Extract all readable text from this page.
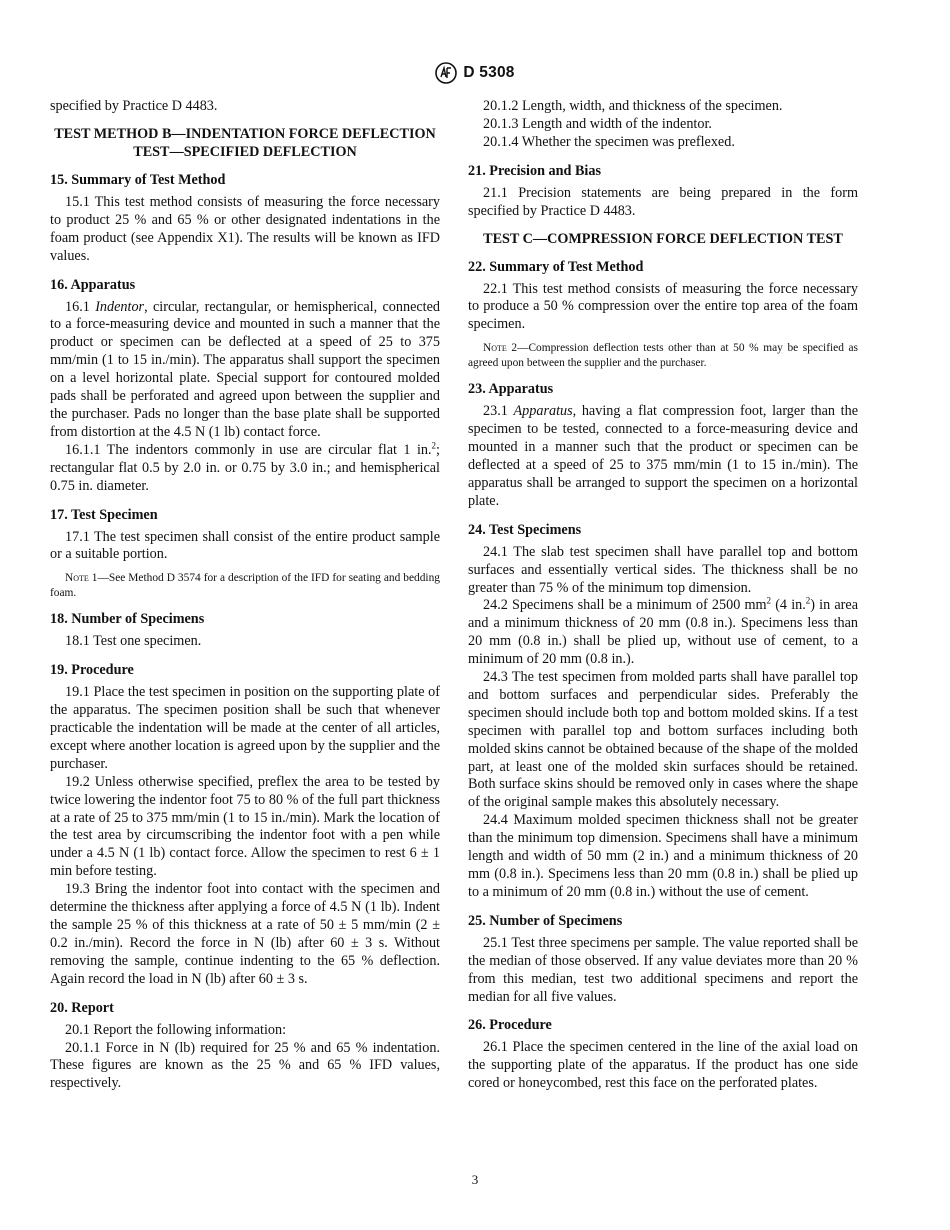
D 5308

specified by Practice D 4483.

TEST METHOD B—INDENTATION FORCE DEFLECTION TEST—SPECIFIED DEFLECTION
15. Summary of Test Method

15.1 This test method consists of measuring the force necessary to product 25 % and 65 % or other designated indentations in the foam product (see Appendix X1). The results will be known as IFD values.

16. Apparatus

16.1 Indentor, circular, rectangular, or hemispherical, connected to a force-measuring device and mounted in such a manner that the product or specimen can be deflected at a speed of 25 to 375 mm/min (1 to 15 in./min). The apparatus shall support the specimen on a level horizontal plate. Special support for contoured molded pads shall be perforated and agreed upon between the supplier and the purchaser. Pads no longer than the base plate shall be supported from distortion at the 4.5 N (1 lb) contact force.

16.1.1 The indentors commonly in use are circular flat 1 in.$^2$; rectangular flat 0.5 by 2.0 in. or 0.75 by 3.0 in.; and hemispherical 0.75 in. diameter.

17. Test Specimen

17.1 The test specimen shall consist of the entire product sample or a suitable portion.

Note 1—See Method D 3574 for a description of the IFD for seating and bedding foam.
18. Number of Specimens

18.1 Test one specimen.

19. Procedure

19.1 Place the test specimen in position on the supporting plate of the apparatus. The specimen position shall be such that whenever practicable the indentation will be made at the center of all articles, except where another location is agreed upon by the supplier and the purchaser.

19.2 Unless otherwise specified, preflex the area to be tested by twice lowering the indentor foot 75 to 80 % of the full part thickness at a rate of 25 to 375 mm/min (1 to 15 in./min). Mark the location of the test area by circumscribing the indentor foot with a pen while under a 4.5 N (1 lb) contact force. Allow the specimen to rest 6 ± 1 min before testing.

19.3 Bring the indentor foot into contact with the specimen and determine the thickness after applying a force of 4.5 N (1 lb). Indent the sample 25 % of this thickness at a rate of 50 ± 5 mm/min (2 ± 0.2 in./min). Record the force in N (lb) after 60 ± 3 s. Without removing the sample, continue indenting to the 65 % deflection. Again record the load in N (lb) after 60 ± 3 s.

20. Report

20.1 Report the following information:

20.1.1 Force in N (lb) required for 25 % and 65 % indentation. These figures are known as the 25 % and 65 % IFD values, respectively.

20.1.2 Length, width, and thickness of the specimen.

20.1.3 Length and width of the indentor.

20.1.4 Whether the specimen was preflexed.

21. Precision and Bias

21.1 Precision statements are being prepared in the form specified by Practice D 4483.

TEST C—COMPRESSION FORCE DEFLECTION TEST
22. Summary of Test Method

22.1 This test method consists of measuring the force necessary to produce a 50 % compression over the entire top area of the foam specimen.

Note 2—Compression deflection tests other than at 50 % may be specified as agreed upon between the supplier and the purchaser.
23. Apparatus

23.1 Apparatus, having a flat compression foot, larger than the specimen to be tested, connected to a force-measuring device and mounted in a manner such that the product or specimen can be deflected at a speed of 25 to 375 mm/min (1 to 15 in./min). The apparatus shall be arranged to support the specimen on a horizontal plate.

24. Test Specimens

24.1 The slab test specimen shall have parallel top and bottom surfaces and essentially vertical sides. The thickness shall be no greater than 75 % of the minimum top dimension.

24.2 Specimens shall be a minimum of 2500 $mm^2$ (4 in.$^2$) in area and a minimum thickness of 20 mm (0.8 in.). Specimens less than 20 mm (0.8 in.) shall be plied up, without use of cement, to a minimum of 20 mm (0.8 in.).

24.3 The test specimen from molded parts shall have parallel top and bottom surfaces and perpendicular sides. Preferably the specimen should include both top and bottom molded skins. If a test specimen with parallel top and bottom surfaces including both molded skins cannot be obtained because of the shape of the molded part, at least one of the molded skin surfaces should be retained. Both surface skins should be removed only in cases where the shape of the original sample makes this absolutely necessary.

24.4 Maximum molded specimen thickness shall not be greater than the minimum top dimension. Specimens shall have a minimum length and width of 50 mm (2 in.) and a minimum thickness of 20 mm (0.8 in.). Specimens less than 20 mm (0.8 in.) shall be plied up to a minimum of 20 mm (0.8 in.) without the use of cement.

25. Number of Specimens

25.1 Test three specimens per sample. The value reported shall be the median of those observed. If any value deviates more than 20 % from this median, test two additional specimens and report the median for all five values.

26. Procedure

26.1 Place the specimen centered in the line of the axial load on the supporting plate of the apparatus. If the product has one side cored or honeycombed, rest this face on the perforated plates.

3
